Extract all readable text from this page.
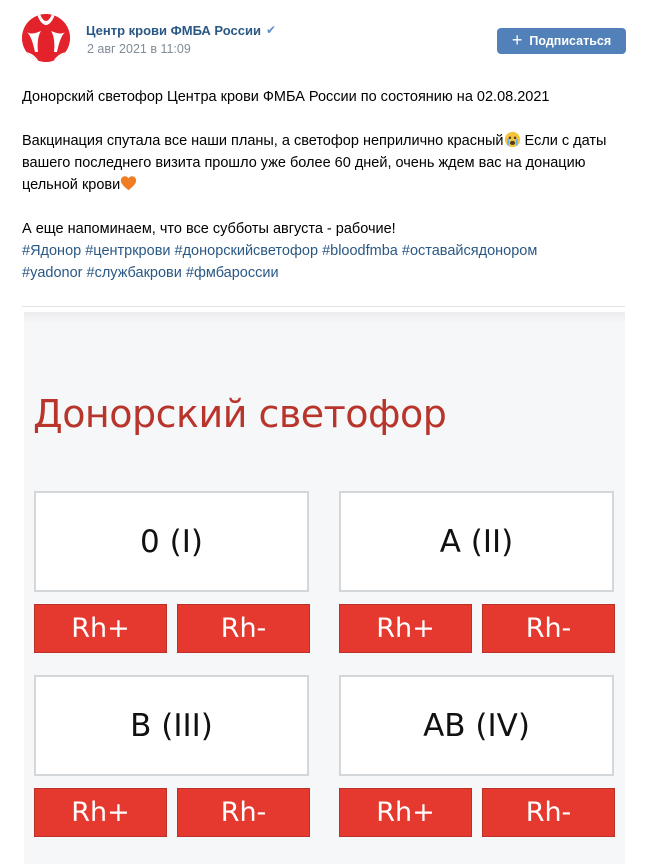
Центр крови ФМБА России ✔
2 авг 2021 в 11:09	+ Подписаться

Донорский светофор Центра крови ФМБА России по состоянию на 02.08.2021

Вакцинация спутала все наши планы, а светофор неприлично красный Если с даты вашего последнего визита прошло уже более 60 дней, очень ждем вас на донацию цельной крови

А еще напоминаем, что все субботы августа - рабочие!

#Ядонор #центркрови #донорскийсветофор #bloodfmba #оставайсядонором
#yadonor #службакрови #фмбароссии

Донорский светофор
0 (I)
Rh+	Rh-
A (II)
Rh+	Rh-
B (III)
Rh+	Rh-
AB (IV)
Rh+	Rh-
